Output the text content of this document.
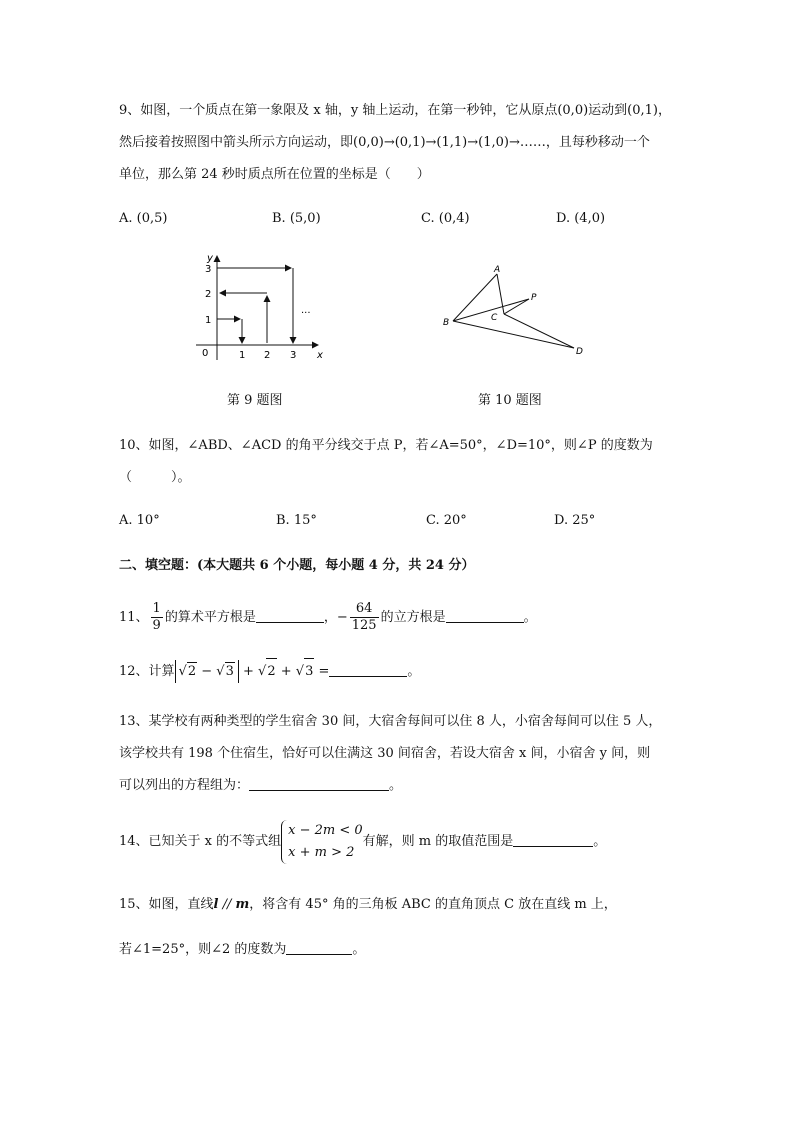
9、如图，一个质点在第一象限及 x 轴，y 轴上运动，在第一秒钟，它从原点(0,0)运动到(0,1)，
然后接着按照图中箭头所示方向运动，即(0,0)→(0,1)→(1,1)→(1,0)→……，且每秒移动一个
单位，那么第 24 秒时质点所在位置的坐标是（　　）
A. (0,5)	B. (5,0)	C. (0,4)	D. (4,0)
y
x
0
1
2
3
1 2 3
...
A
B	C
P
D
第 9 题图	第 10 题图
10、如图，∠ABD、∠ACD 的角平分线交于点 P，若∠A=50°，∠D=10°，则∠P 的度数为
（　　　）。
A. 10°	B. 15°	C. 20°	D. 25°
二、填空题：(本大题共 6 个小题，每小题 4 分，共 24 分）
11、 $\frac{1}{9}$ 的算术平方根是	，− $\frac{64}{125}$ 的立方根是	。
12、计算 √2 − √3 + √2 + √3 =	。
13、某学校有两种类型的学生宿舍 30 间，大宿舍每间可以住 8 人，小宿舍每间可以住 5 人，
该学校共有 198 个住宿生，恰好可以住满这 30 间宿舍，若设大宿舍 x 间，小宿舍 y 间，则
可以列出的方程组为：	。
14、已知关于 x 的不等式组
x − 2m < 0
x + m > 2
有解，则 m 的取值范围是	。
15、如图，直线l // m，将含有 45° 角的三角板 ABC 的直角顶点 C 放在直线 m 上，
若∠1=25°，则∠2 的度数为	。
